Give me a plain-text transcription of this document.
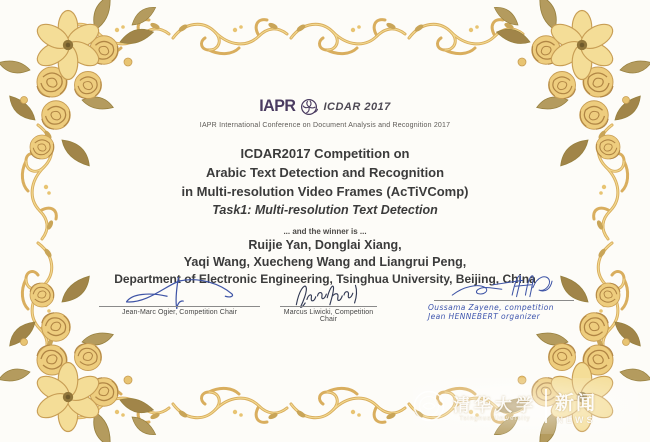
IAPR	ICDAR 2017
IAPR International Conference on Document Analysis and Recognition 2017
ICDAR2017 Competition on
Arabic Text Detection and Recognition
in Multi-resolution Video Frames (AcTiVComp)
Task1: Multi-resolution Text Detection
... and the winner is ...
Ruijie Yan, Donglai Xiang,
Yaqi Wang, Xuecheng Wang and Liangrui Peng,
Department of Electronic Engineering, Tsinghua University, Beijing, China
Jean-Marc Ogier, Competition Chair	Marcus Liwicki, Competition Chair
Oussama Zayene, competition
Jean HENNEBERT organizer
清华大学
Tsinghua University
新闻
NEWS
